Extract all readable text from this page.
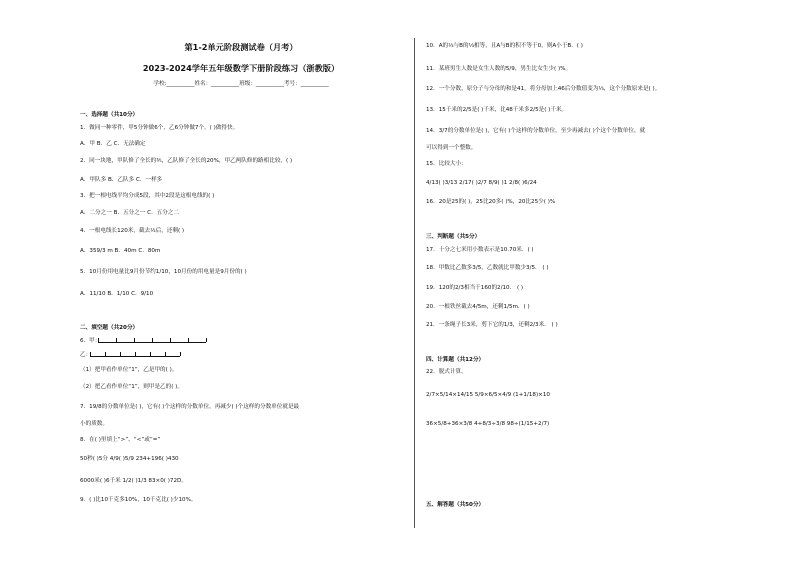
第1-2单元阶段测试卷（月考）
2023-2024学年五年级数学下册阶段练习（浙教版）
学校:__________姓名：__________班级：__________考号：__________
一、选择题（共10分）
1．做同一种零件，甲5分钟做6个，乙6分钟做7个。( )做得快。
A．甲 B．乙 C．无法确定
2．同一块地，甲队修了全长的⅗，乙队修了全长的20%，甲乙两队修的路相比较，( )
A．甲队多 B．乙队多 C．一样多
3．把一根电线平均分成5段，其中2段是这根电线的( )
A．二分之一 B．五分之一 C．五分之二
4．一根电线长120米，截去⅓后，还剩( )
A．359/3 m B．40m C．80m
5．10月份用电量比9月份节约1/10，10月份的用电量是9月份的( )
A．11/10 B．1/10 C．9/10
二、填空题（共20分）
6．甲：
乙：
（1）把甲看作单位“1”，乙是甲的( )。
（2）把乙看作单位“1”，则甲是乙的( )。
7．19/8的分数单位是( )，它有( )个这样的分数单位，再减少( )个这样的分数单位就是最
小的质数。
8．在( )里填上“>”、“<”或“=”
50秒( )5分 4/9( )5/9 234+196( )430
6000米( )6千米 1/2( )1/3 83×0( )72D。
9．( )比10千克多10%，10千克比( )少10%。
10．A的⅓与B的⅓相等，且A与B的积不等于0，则A小于B．( )
11．某班男生人数是女生人数的5/9，男生比女生少( )%。
12．一个分数，原分子与分母的和是41，将分母加上46后分数值变为⅓，这个分数原来是( )。
13．15千米的2/5是( )千米，比48千米多2/5是( )千米。
14．3/7的分数单位是( )，它有( )个这样的分数单位，至少再减去( )个这个分数单位，就
可以得到一个整数。
15．比较大小：
4/13( )3/13 2/17( )2/7 8/9( )1 2/8( )6/24
16．20是25的( )，25比20多( )%，20比25少( )%
三、判断题（共5分）
17．十分之七米用小数表示是10.70米．( )
18．甲数比乙数多3/5，乙数就比甲数少3/5． ( )
19．120的2/3相当于160的2/10． ( )
20．一根铁丝截去4/5m，还剩1/5m．( )
21．一条绳子长3米，剪下它的1/3，还剩2/3米． ( )
四、计算题（共12分）
22．脱式计算。
2/7×5/14×14/15 5/9×6/5×4/9 (1+1/18)×10
36×5/8+36×3/8 4+8/3÷3/8 98÷(1/15+2/7)
五、解答题（共50分）
